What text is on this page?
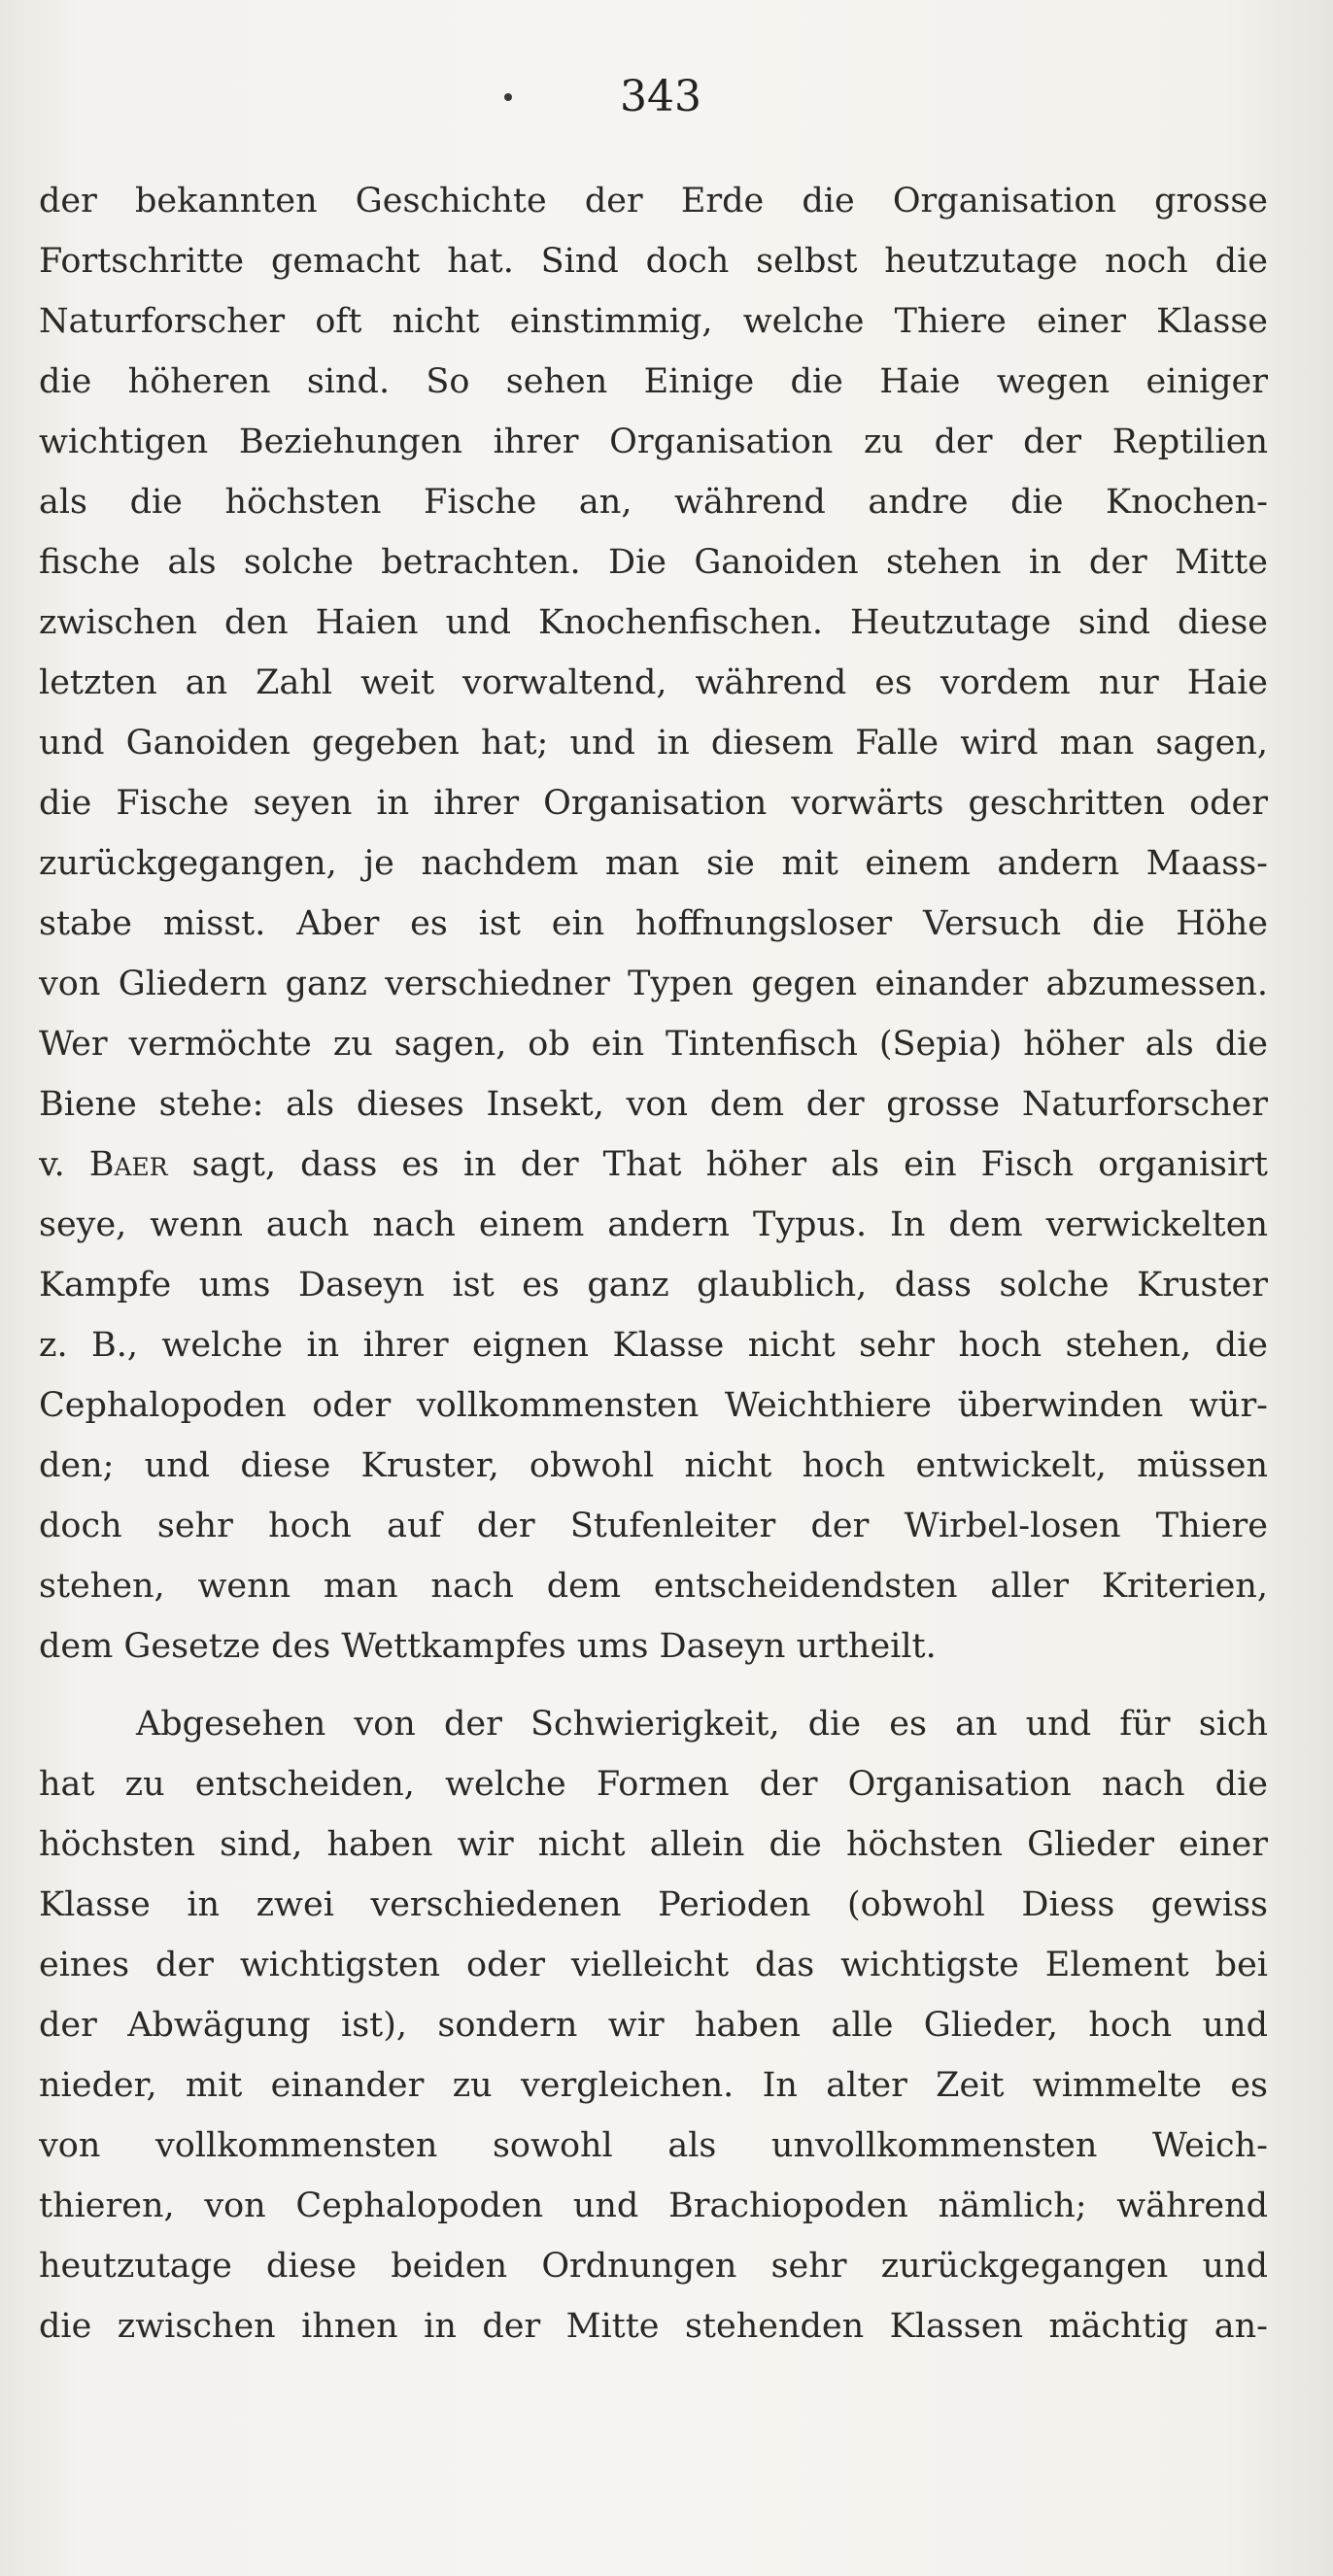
343
der bekannten Geschichte der Erde die Organisation grosse
Fortschritte gemacht hat. Sind doch selbst heutzutage noch die
Naturforscher oft nicht einstimmig, welche Thiere einer Klasse
die höheren sind. So sehen Einige die Haie wegen einiger
wichtigen Beziehungen ihrer Organisation zu der der Reptilien
als die höchsten Fische an, während andre die Knochen-
fische als solche betrachten. Die Ganoiden stehen in der Mitte
zwischen den Haien und Knochenfischen. Heutzutage sind diese
letzten an Zahl weit vorwaltend, während es vordem nur Haie
und Ganoiden gegeben hat; und in diesem Falle wird man sagen,
die Fische seyen in ihrer Organisation vorwärts geschritten oder
zurückgegangen, je nachdem man sie mit einem andern Maass-
stabe misst. Aber es ist ein hoffnungsloser Versuch die Höhe
von Gliedern ganz verschiedner Typen gegen einander abzumessen.
Wer vermöchte zu sagen, ob ein Tintenfisch (Sepia) höher als die
Biene stehe: als dieses Insekt, von dem der grosse Naturforscher
v. Baer sagt, dass es in der That höher als ein Fisch organisirt
seye, wenn auch nach einem andern Typus. In dem verwickelten
Kampfe ums Daseyn ist es ganz glaublich, dass solche Kruster
z. B., welche in ihrer eignen Klasse nicht sehr hoch stehen, die
Cephalopoden oder vollkommensten Weichthiere überwinden wür-
den; und diese Kruster, obwohl nicht hoch entwickelt, müssen
doch sehr hoch auf der Stufenleiter der Wirbel-losen Thiere
stehen, wenn man nach dem entscheidendsten aller Kriterien,
dem Gesetze des Wettkampfes ums Daseyn urtheilt.
Abgesehen von der Schwierigkeit, die es an und für sich
hat zu entscheiden, welche Formen der Organisation nach die
höchsten sind, haben wir nicht allein die höchsten Glieder einer
Klasse in zwei verschiedenen Perioden (obwohl Diess gewiss
eines der wichtigsten oder vielleicht das wichtigste Element bei
der Abwägung ist), sondern wir haben alle Glieder, hoch und
nieder, mit einander zu vergleichen. In alter Zeit wimmelte es
von vollkommensten sowohl als unvollkommensten Weich-
thieren, von Cephalopoden und Brachiopoden nämlich; während
heutzutage diese beiden Ordnungen sehr zurückgegangen und
die zwischen ihnen in der Mitte stehenden Klassen mächtig an-
